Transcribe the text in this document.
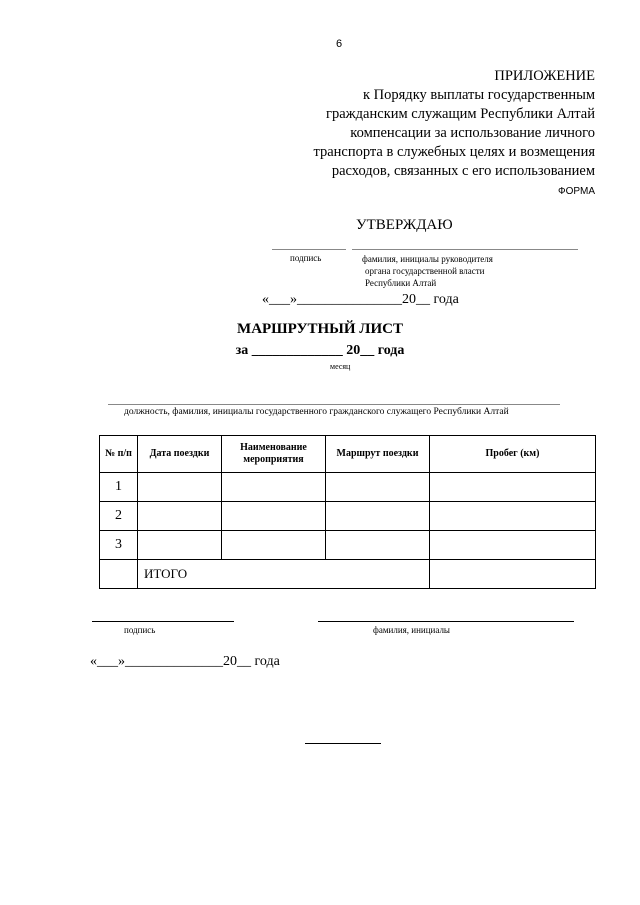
6
ПРИЛОЖЕНИЕ
к Порядку выплаты государственным
гражданским служащим Республики Алтай
компенсации за использование личного
транспорта в служебных целях и возмещения
расходов, связанных с его использованием
ФОРМА
УТВЕРЖДАЮ
подпись	фамилия, инициалы руководителя
органа государственной власти
Республики Алтай
«___»_______________20__ года
МАРШРУТНЫЙ ЛИСТ
за _____________ 20__ года
месяц
должность, фамилия, инициалы государственного гражданского служащего Республики Алтай
№ п/п	Дата поездки	Наименование мероприятия	Маршрут поездки	Пробег (км)
1				
2				
3				
	ИТОГО			
подпись	фамилия, инициалы
«___»______________20__ года
